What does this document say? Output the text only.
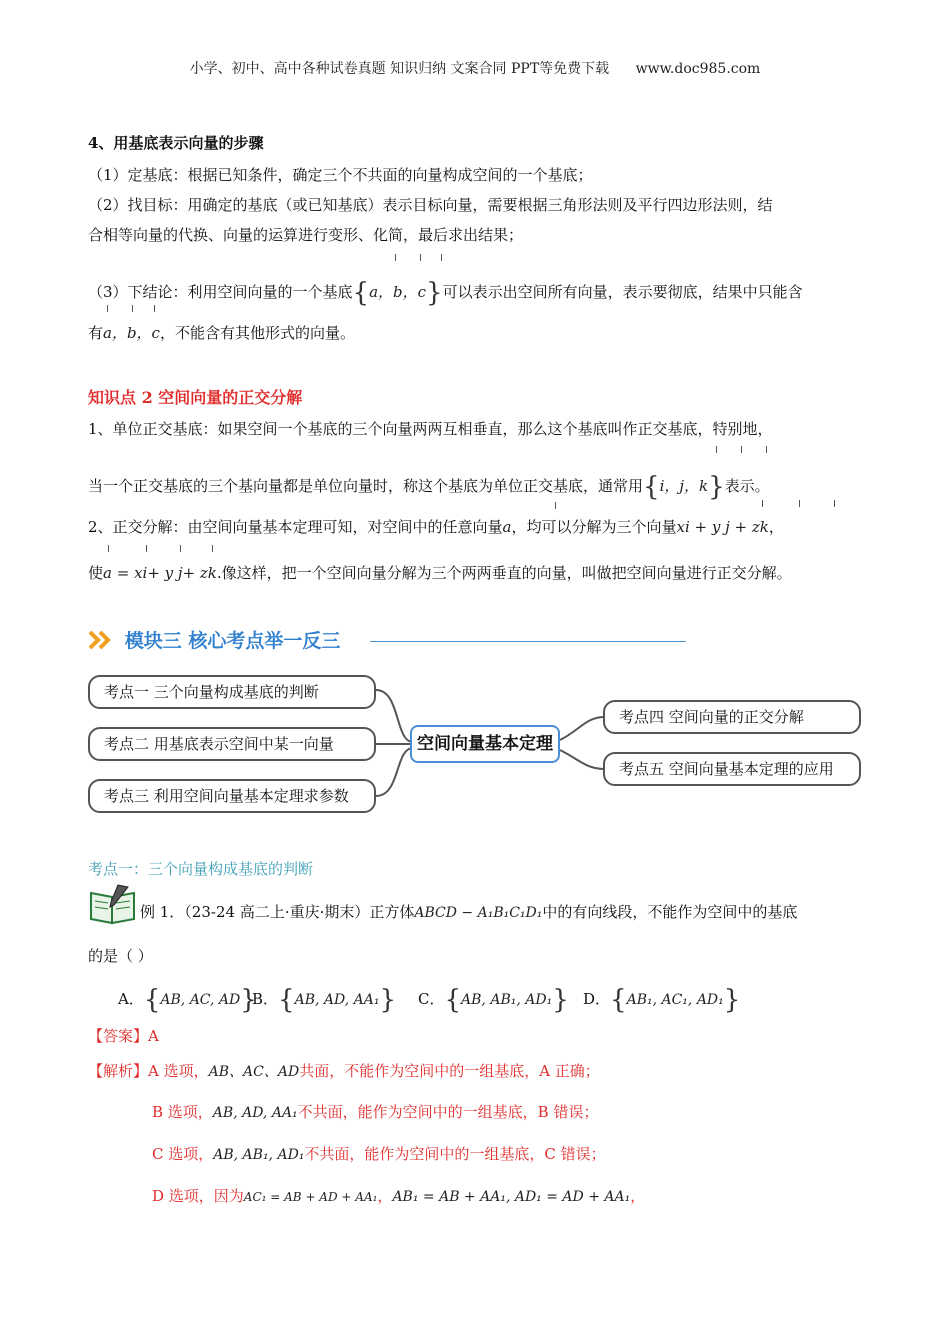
小学、初中、高中各种试卷真题 知识归纳 文案合同 PPT等免费下载 www.doc985.com
4、用基底表示向量的步骤
（1）定基底：根据已知条件，确定三个不共面的向量构成空间的一个基底；
（2）找目标：用确定的基底（或已知基底）表示目标向量，需要根据三角形法则及平行四边形法则，结
合相等向量的代换、向量的运算进行变形、化简，最后求出结果；
（3）下结论：利用空间向量的一个基底{a，b，c}可以表示出空间所有向量，表示要彻底，结果中只能含
有a，b，c，不能含有其他形式的向量。
知识点 2 空间向量的正交分解
1、单位正交基底：如果空间一个基底的三个向量两两互相垂直，那么这个基底叫作正交基底，特别地，
当一个正交基底的三个基向量都是单位向量时，称这个基底为单位正交基底，通常用{i，j，k}表示。
2、正交分解：由空间向量基本定理可知，对空间中的任意向量a，均可以分解为三个向量xi + y j + zk，
使a = xi+ y j+ zk.像这样，把一个空间向量分解为三个两两垂直的向量，叫做把空间向量进行正交分解。
模块三 核心考点举一反三
考点一 三个向量构成基底的判断
考点二 用基底表示空间中某一向量
考点三 利用空间向量基本定理求参数
空间向量基本定理
考点四 空间向量的正交分解
考点五 空间向量基本定理的应用
考点一：三个向量构成基底的判断
例 1．（23-24 高二上·重庆·期末）正方体ABCD − A₁B₁C₁D₁中的有向线段，不能作为空间中的基底
的是（ ）
A．{AB, AC, AD}
B．{AB, AD, AA₁} C．{AB, AB₁, AD₁} D．{AB₁, AC₁, AD₁}
【答案】A
【解析】A 选项，AB、AC、AD共面，不能作为空间中的一组基底，A 正确；
B 选项，AB, AD, AA₁不共面，能作为空间中的一组基底，B 错误；
C 选项，AB, AB₁, AD₁不共面，能作为空间中的一组基底，C 错误；
D 选项，因为AC₁ = AB + AD + AA₁，AB₁ = AB + AA₁, AD₁ = AD + AA₁，
